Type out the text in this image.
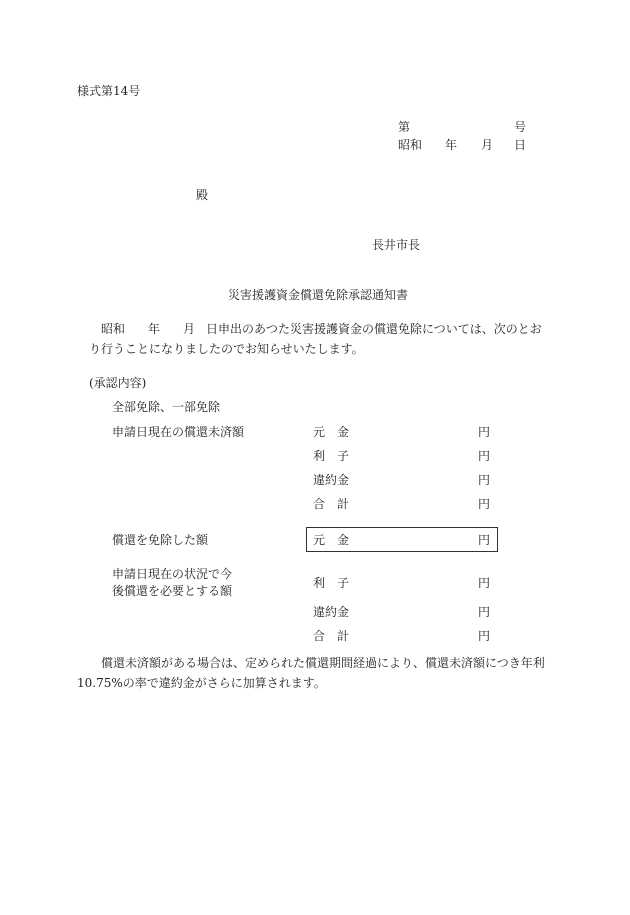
様式第14号
第	号
昭和 年 月 日
殿
長井市長
災害援護資金償還免除承認通知書
昭和 年 月 日申出のあつた災害援護資金の償還免除については、次のとお
り行うことになりましたのでお知らせいたします。
(承認内容)
全部免除、一部免除
申請日現在の償還未済額	元　金	円
利　子	円
違約金	円
合　計	円
償還を免除した額	元　金	円
申請日現在の状況で今
後償還を必要とする額
利　子	円
違約金	円
合　計	円
償還未済額がある場合は、定められた償還期間経過により、償還未済額につき年利
10.75%の率で違約金がさらに加算されます。
